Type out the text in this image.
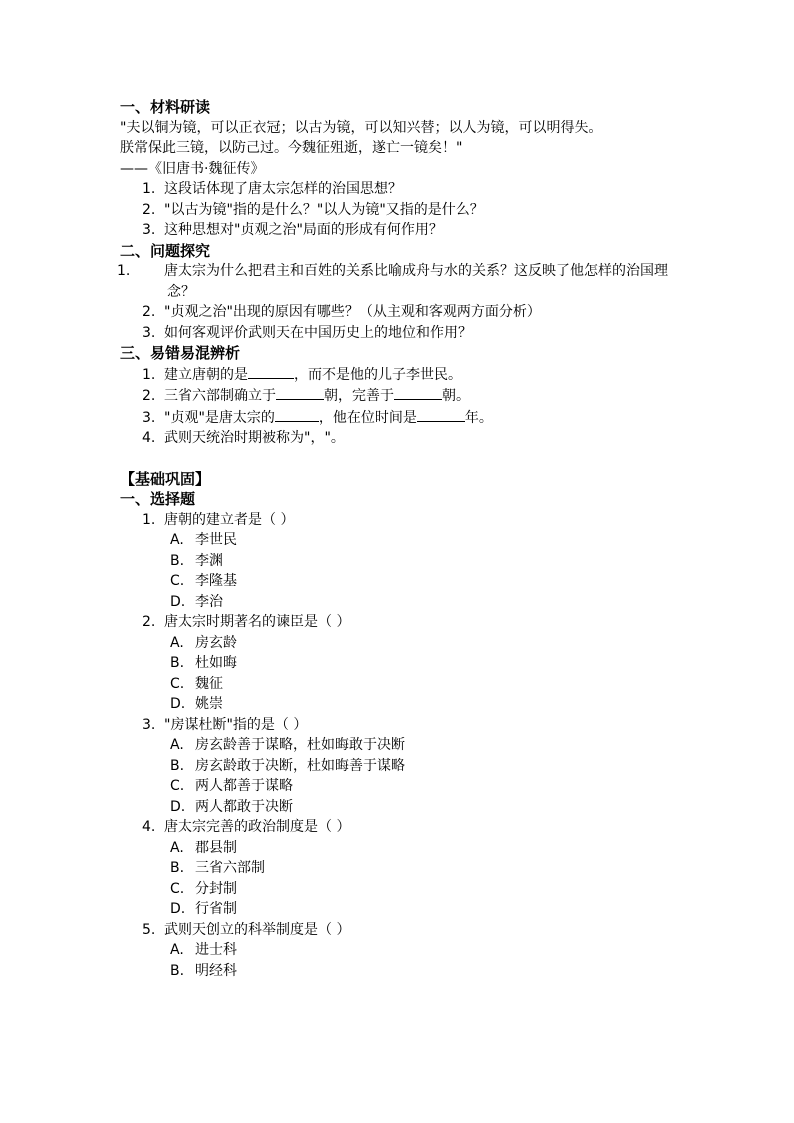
一、材料研读
"夫以铜为镜，可以正衣冠；以古为镜，可以知兴替；以人为镜，可以明得失。
朕常保此三镜，以防己过。今魏征殂逝，遂亡一镜矣！"
——《旧唐书·魏征传》
1. 这段话体现了唐太宗怎样的治国思想？
2. "以古为镜"指的是什么？"以人为镜"又指的是什么？
3. 这种思想对"贞观之治"局面的形成有何作用？
二、问题探究
1. 唐太宗为什么把君主和百姓的关系比喻成舟与水的关系？这反映了他怎样的治国理念？
2. "贞观之治"出现的原因有哪些？（从主观和客观两方面分析）
3. 如何客观评价武则天在中国历史上的地位和作用？
三、易错易混辨析
1. 建立唐朝的是	，而不是他的儿子李世民。
2. 三省六部制确立于	朝，完善于	朝。
3. "贞观"是唐太宗的	，他在位时间是	年。
4. 武则天统治时期被称为"，"。
【基础巩固】
一、选择题
1. 唐朝的建立者是（ ）
A. 李世民
B. 李渊
C. 李隆基
D. 李治
2. 唐太宗时期著名的谏臣是（ ）
A. 房玄龄
B. 杜如晦
C. 魏征
D. 姚崇
3. "房谋杜断"指的是（ ）
A. 房玄龄善于谋略，杜如晦敢于决断
B. 房玄龄敢于决断，杜如晦善于谋略
C. 两人都善于谋略
D. 两人都敢于决断
4. 唐太宗完善的政治制度是（ ）
A. 郡县制
B. 三省六部制
C. 分封制
D. 行省制
5. 武则天创立的科举制度是（ ）
A. 进士科
B. 明经科
